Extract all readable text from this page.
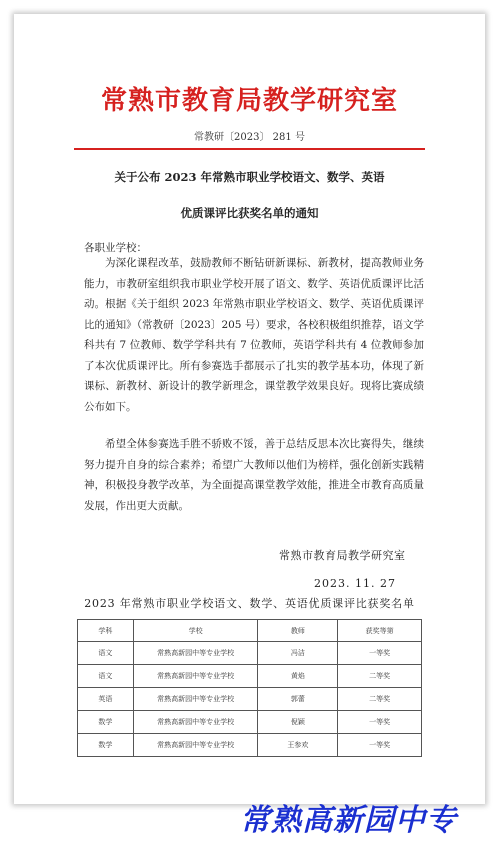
常熟市教育局教学研究室
常教研〔2023〕 281 号
关于公布 2023 年常熟市职业学校语文、数学、英语
优质课评比获奖名单的通知
各职业学校：

为深化课程改革，鼓励教师不断钻研新课标、新教材，提高教师业务能力，市教研室组织我市职业学校开展了语文、数学、英语优质课评比活动。根据《关于组织 2023 年常熟市职业学校语文、数学、英语优质课评比的通知》（常教研〔2023〕205 号）要求，各校积极组织推荐，语文学科共有 7 位教师、数学学科共有 7 位教师，英语学科共有 4 位教师参加了本次优质课评比。所有参赛选手都展示了扎实的教学基本功，体现了新课标、新教材、新设计的教学新理念，课堂教学效果良好。现将比赛成绩公布如下。

希望全体参赛选手胜不骄败不馁，善于总结反思本次比赛得失，继续努力提升自身的综合素养；希望广大教师以他们为榜样，强化创新实践精神，积极投身教学改革，为全面提高课堂教学效能，推进全市教育高质量发展，作出更大贡献。

常熟市教育局教学研究室
2023. 11. 27
2023 年常熟市职业学校语文、数学、英语优质课评比获奖名单
学科	学校	教师	获奖等第
语文	常熟高新园中等专业学校	冯洁	一等奖
语文	常熟高新园中等专业学校	黄焰	二等奖
英语	常熟高新园中等专业学校	郭蕾	二等奖
数学	常熟高新园中等专业学校	倪颖	一等奖
数学	常熟高新园中等专业学校	王参欢	一等奖
常熟高新园中专
